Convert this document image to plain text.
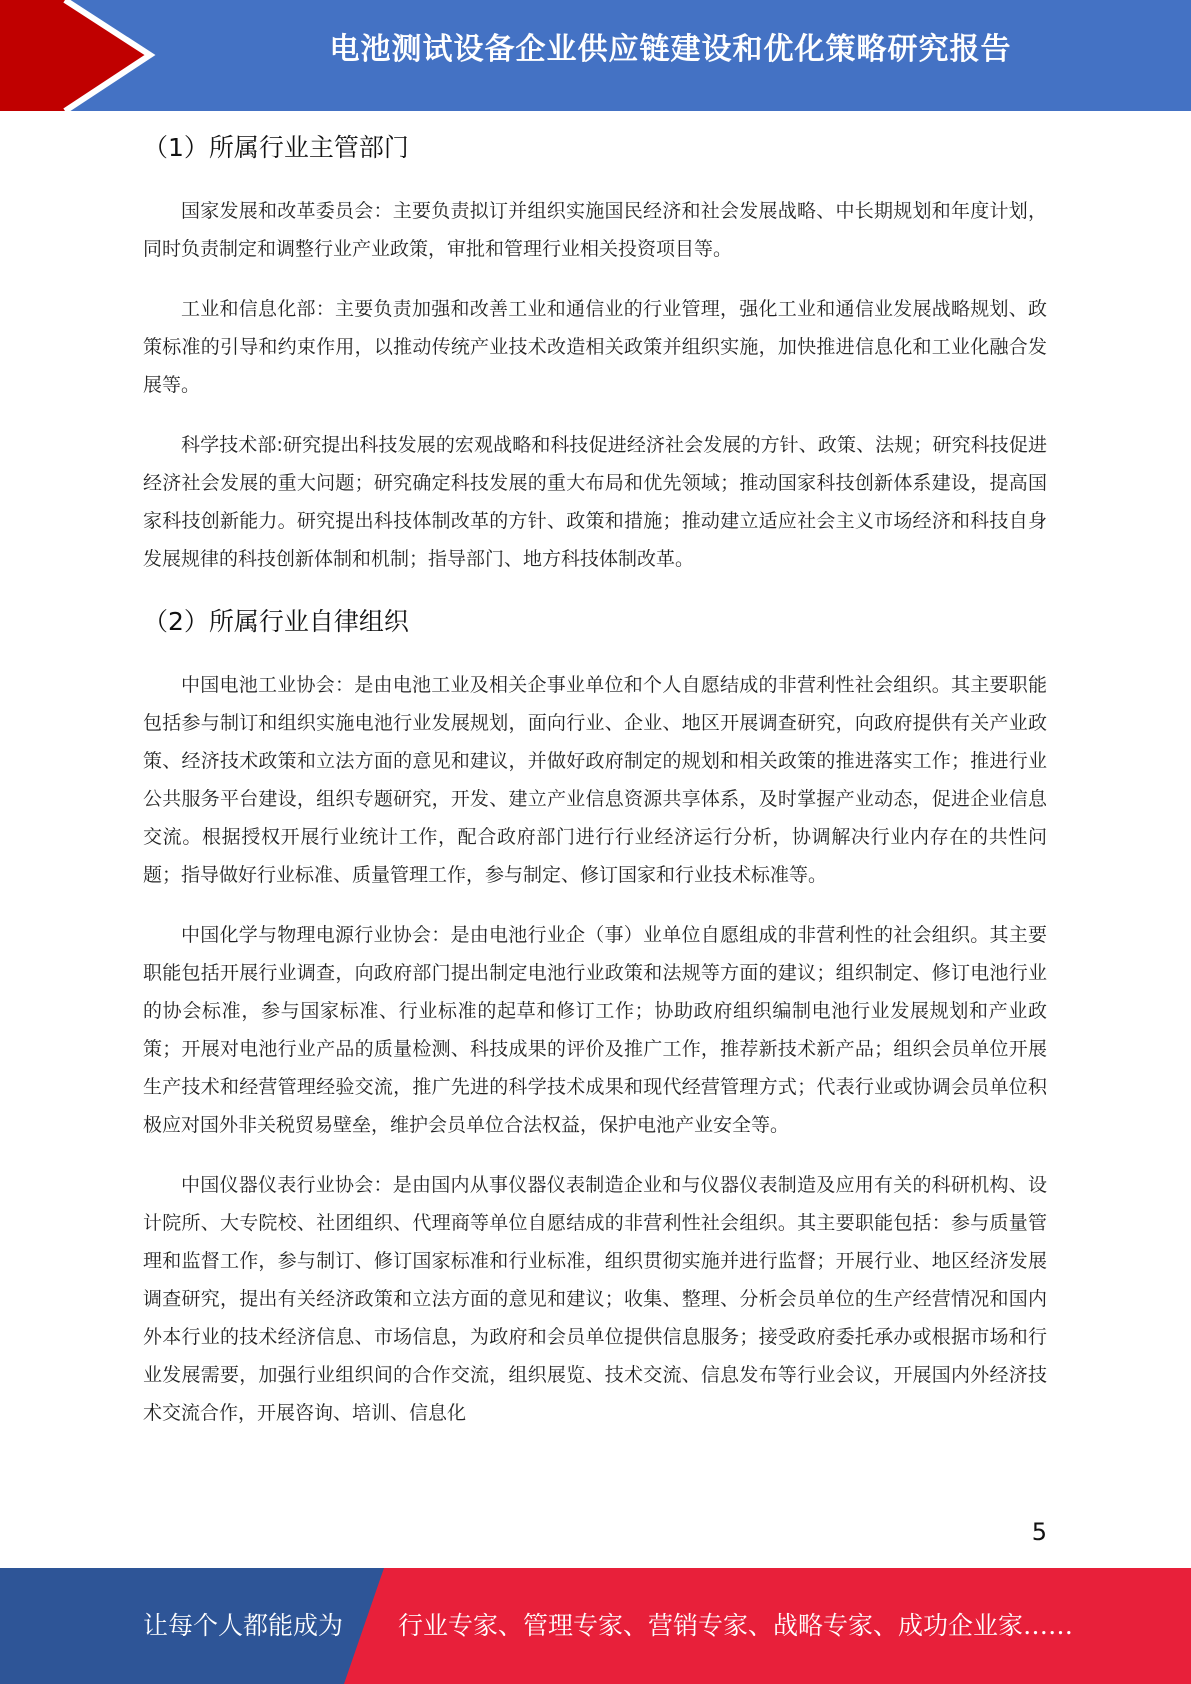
电池测试设备企业供应链建设和优化策略研究报告
（1）所属行业主管部门

国家发展和改革委员会：主要负责拟订并组织实施国民经济和社会发展战略、中长期规划和年度计划，同时负责制定和调整行业产业政策，审批和管理行业相关投资项目等。

工业和信息化部：主要负责加强和改善工业和通信业的行业管理，强化工业和通信业发展战略规划、政策标准的引导和约束作用，以推动传统产业技术改造相关政策并组织实施，加快推进信息化和工业化融合发展等。

科学技术部:研究提出科技发展的宏观战略和科技促进经济社会发展的方针、政策、法规；研究科技促进经济社会发展的重大问题；研究确定科技发展的重大布局和优先领域；推动国家科技创新体系建设，提高国家科技创新能力。研究提出科技体制改革的方针、政策和措施；推动建立适应社会主义市场经济和科技自身发展规律的科技创新体制和机制；指导部门、地方科技体制改革。

（2）所属行业自律组织

中国电池工业协会：是由电池工业及相关企事业单位和个人自愿结成的非营利性社会组织。其主要职能包括参与制订和组织实施电池行业发展规划，面向行业、企业、地区开展调查研究，向政府提供有关产业政策、经济技术政策和立法方面的意见和建议，并做好政府制定的规划和相关政策的推进落实工作；推进行业公共服务平台建设，组织专题研究，开发、建立产业信息资源共享体系，及时掌握产业动态，促进企业信息交流。根据授权开展行业统计工作，配合政府部门进行行业经济运行分析，协调解决行业内存在的共性问题；指导做好行业标准、质量管理工作，参与制定、修订国家和行业技术标准等。

中国化学与物理电源行业协会：是由电池行业企（事）业单位自愿组成的非营利性的社会组织。其主要职能包括开展行业调查，向政府部门提出制定电池行业政策和法规等方面的建议；组织制定、修订电池行业的协会标准，参与国家标准、行业标准的起草和修订工作；协助政府组织编制电池行业发展规划和产业政策；开展对电池行业产品的质量检测、科技成果的评价及推广工作，推荐新技术新产品；组织会员单位开展生产技术和经营管理经验交流，推广先进的科学技术成果和现代经营管理方式；代表行业或协调会员单位积极应对国外非关税贸易壁垒，维护会员单位合法权益，保护电池产业安全等。

中国仪器仪表行业协会：是由国内从事仪器仪表制造企业和与仪器仪表制造及应用有关的科研机构、设计院所、大专院校、社团组织、代理商等单位自愿结成的非营利性社会组织。其主要职能包括：参与质量管理和监督工作，参与制订、修订国家标准和行业标准，组织贯彻实施并进行监督；开展行业、地区经济发展调查研究，提出有关经济政策和立法方面的意见和建议；收集、整理、分析会员单位的生产经营情况和国内外本行业的技术经济信息、市场信息，为政府和会员单位提供信息服务；接受政府委托承办或根据市场和行业发展需要，加强行业组织间的合作交流，组织展览、技术交流、信息发布等行业会议，开展国内外经济技术交流合作，开展咨询、培训、信息化

5
让每个人都能成为 行业专家、管理专家、营销专家、战略专家、成功企业家……
